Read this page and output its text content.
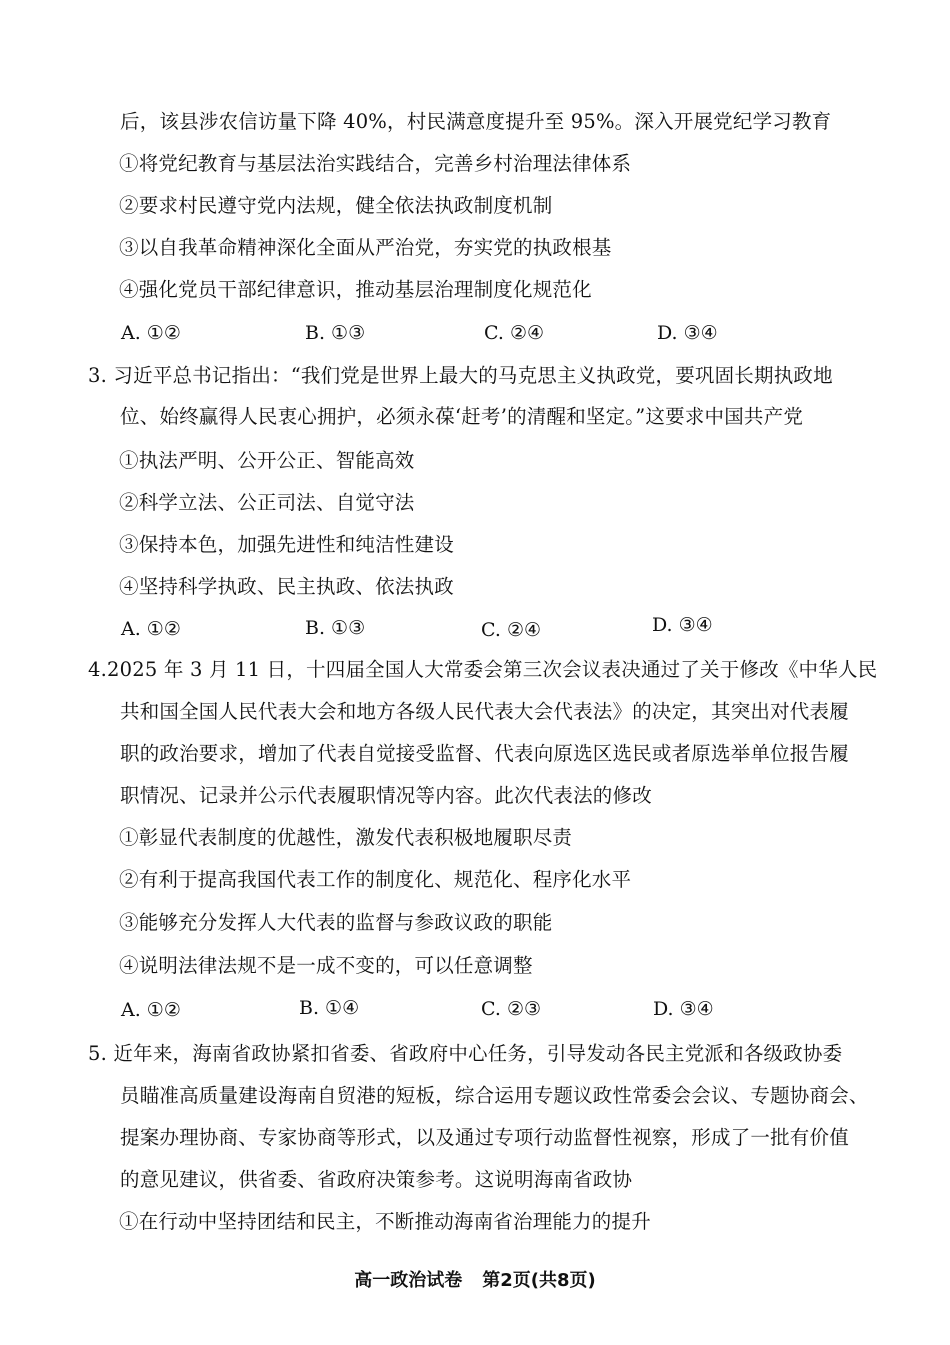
后，该县涉农信访量下降 40%，村民满意度提升至 95%。深入开展党纪学习教育
①将党纪教育与基层法治实践结合，完善乡村治理法律体系
②要求村民遵守党内法规，健全依法执政制度机制
③以自我革命精神深化全面从严治党，夯实党的执政根基
④强化党员干部纪律意识，推动基层治理制度化规范化
A. ①②	B. ①③	C. ②④	D. ③④
3. 习近平总书记指出：“我们党是世界上最大的马克思主义执政党，要巩固长期执政地
位、始终赢得人民衷心拥护，必须永葆‘赶考’的清醒和坚定。”这要求中国共产党
①执法严明、公开公正、智能高效
②科学立法、公正司法、自觉守法
③保持本色，加强先进性和纯洁性建设
④坚持科学执政、民主执政、依法执政
A. ①②	B. ①③	C. ②④	D. ③④
4.2025 年 3 月 11 日，十四届全国人大常委会第三次会议表决通过了关于修改《中华人民
共和国全国人民代表大会和地方各级人民代表大会代表法》的决定，其突出对代表履
职的政治要求，增加了代表自觉接受监督、代表向原选区选民或者原选举单位报告履
职情况、记录并公示代表履职情况等内容。此次代表法的修改
①彰显代表制度的优越性，激发代表积极地履职尽责
②有利于提高我国代表工作的制度化、规范化、程序化水平
③能够充分发挥人大代表的监督与参政议政的职能
④说明法律法规不是一成不变的，可以任意调整
A. ①②	B. ①④	C. ②③	D. ③④
5. 近年来，海南省政协紧扣省委、省政府中心任务，引导发动各民主党派和各级政协委
员瞄准高质量建设海南自贸港的短板，综合运用专题议政性常委会会议、专题协商会、
提案办理协商、专家协商等形式，以及通过专项行动监督性视察，形成了一批有价值
的意见建议，供省委、省政府决策参考。这说明海南省政协
①在行动中坚持团结和民主，不断推动海南省治理能力的提升
高一政治试卷 第2页(共8页)
